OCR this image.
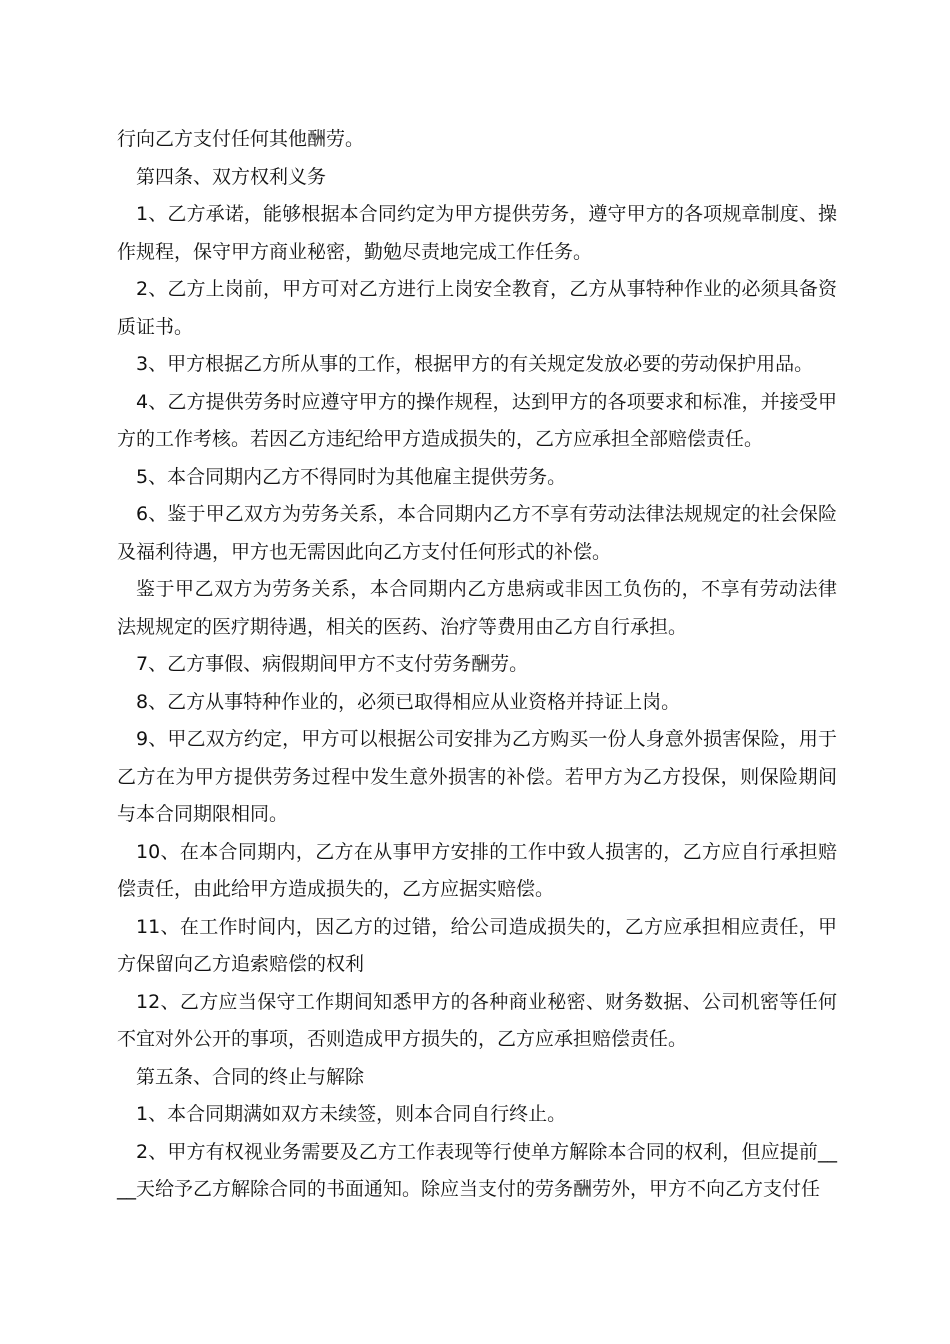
行向乙方支付任何其他酬劳。

第四条、双方权利义务

1、乙方承诺，能够根据本合同约定为甲方提供劳务，遵守甲方的各项规章制度、操作规程，保守甲方商业秘密，勤勉尽责地完成工作任务。

2、乙方上岗前，甲方可对乙方进行上岗安全教育，乙方从事特种作业的必须具备资质证书。

3、甲方根据乙方所从事的工作，根据甲方的有关规定发放必要的劳动保护用品。

4、乙方提供劳务时应遵守甲方的操作规程，达到甲方的各项要求和标准，并接受甲方的工作考核。若因乙方违纪给甲方造成损失的，乙方应承担全部赔偿责任。

5、本合同期内乙方不得同时为其他雇主提供劳务。

6、鉴于甲乙双方为劳务关系，本合同期内乙方不享有劳动法律法规规定的社会保险及福利待遇，甲方也无需因此向乙方支付任何形式的补偿。

鉴于甲乙双方为劳务关系，本合同期内乙方患病或非因工负伤的，不享有劳动法律法规规定的医疗期待遇，相关的医药、治疗等费用由乙方自行承担。

7、乙方事假、病假期间甲方不支付劳务酬劳。

8、乙方从事特种作业的，必须已取得相应从业资格并持证上岗。

9、甲乙双方约定，甲方可以根据公司安排为乙方购买一份人身意外损害保险，用于乙方在为甲方提供劳务过程中发生意外损害的补偿。若甲方为乙方投保，则保险期间与本合同期限相同。

10、在本合同期内，乙方在从事甲方安排的工作中致人损害的，乙方应自行承担赔偿责任，由此给甲方造成损失的，乙方应据实赔偿。

11、在工作时间内，因乙方的过错，给公司造成损失的，乙方应承担相应责任，甲方保留向乙方追索赔偿的权利

12、乙方应当保守工作期间知悉甲方的各种商业秘密、财务数据、公司机密等任何不宜对外公开的事项，否则造成甲方损失的，乙方应承担赔偿责任。

第五条、合同的终止与解除

1、本合同期满如双方未续签，则本合同自行终止。

2、甲方有权视业务需要及乙方工作表现等行使单方解除本合同的权利，但应提前____天给予乙方解除合同的书面通知。除应当支付的劳务酬劳外，甲方不向乙方支付任
